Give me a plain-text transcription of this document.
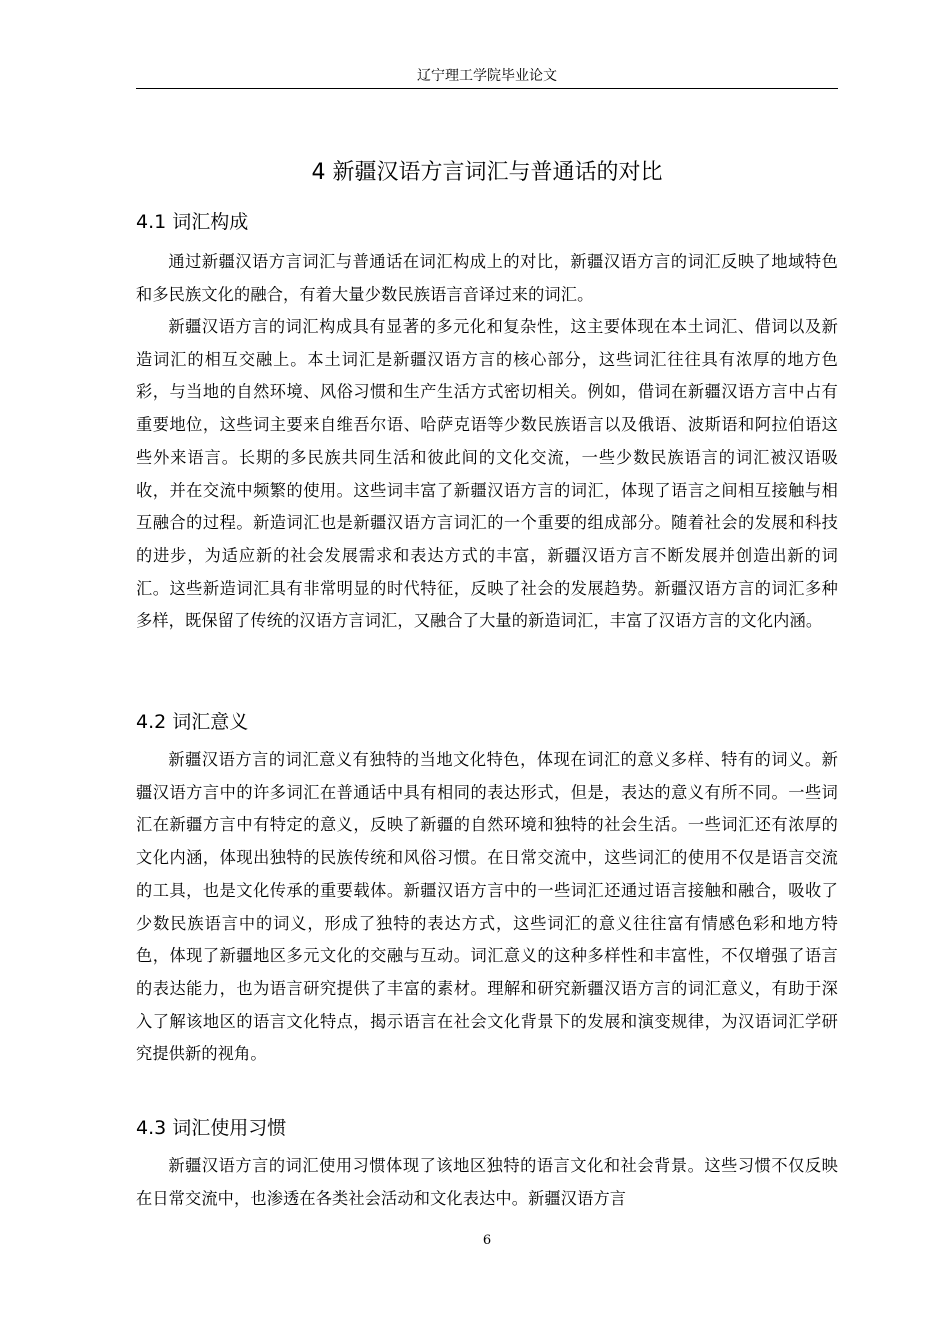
辽宁理工学院毕业论文
4 新疆汉语方言词汇与普通话的对比
4.1 词汇构成

通过新疆汉语方言词汇与普通话在词汇构成上的对比，新疆汉语方言的词汇反映了地域特色和多民族文化的融合，有着大量少数民族语言音译过来的词汇。

新疆汉语方言的词汇构成具有显著的多元化和复杂性，这主要体现在本土词汇、借词以及新造词汇的相互交融上。本土词汇是新疆汉语方言的核心部分，这些词汇往往具有浓厚的地方色彩，与当地的自然环境、风俗习惯和生产生活方式密切相关。例如，借词在新疆汉语方言中占有重要地位，这些词主要来自维吾尔语、哈萨克语等少数民族语言以及俄语、波斯语和阿拉伯语这些外来语言。长期的多民族共同生活和彼此间的文化交流，一些少数民族语言的词汇被汉语吸收，并在交流中频繁的使用。这些词丰富了新疆汉语方言的词汇，体现了语言之间相互接触与相互融合的过程。新造词汇也是新疆汉语方言词汇的一个重要的组成部分。随着社会的发展和科技的进步，为适应新的社会发展需求和表达方式的丰富，新疆汉语方言不断发展并创造出新的词汇。这些新造词汇具有非常明显的时代特征，反映了社会的发展趋势。新疆汉语方言的词汇多种多样，既保留了传统的汉语方言词汇，又融合了大量的新造词汇，丰富了汉语方言的文化内涵。

4.2 词汇意义

新疆汉语方言的词汇意义有独特的当地文化特色，体现在词汇的意义多样、特有的词义。新疆汉语方言中的许多词汇在普通话中具有相同的表达形式，但是，表达的意义有所不同。一些词汇在新疆方言中有特定的意义，反映了新疆的自然环境和独特的社会生活。一些词汇还有浓厚的文化内涵，体现出独特的民族传统和风俗习惯。在日常交流中，这些词汇的使用不仅是语言交流的工具，也是文化传承的重要载体。新疆汉语方言中的一些词汇还通过语言接触和融合，吸收了少数民族语言中的词义，形成了独特的表达方式，这些词汇的意义往往富有情感色彩和地方特色，体现了新疆地区多元文化的交融与互动。词汇意义的这种多样性和丰富性，不仅增强了语言的表达能力，也为语言研究提供了丰富的素材。理解和研究新疆汉语方言的词汇意义，有助于深入了解该地区的语言文化特点，揭示语言在社会文化背景下的发展和演变规律，为汉语词汇学研究提供新的视角。

4.3 词汇使用习惯

新疆汉语方言的词汇使用习惯体现了该地区独特的语言文化和社会背景。这些习惯不仅反映在日常交流中，也渗透在各类社会活动和文化表达中。新疆汉语方言

6
